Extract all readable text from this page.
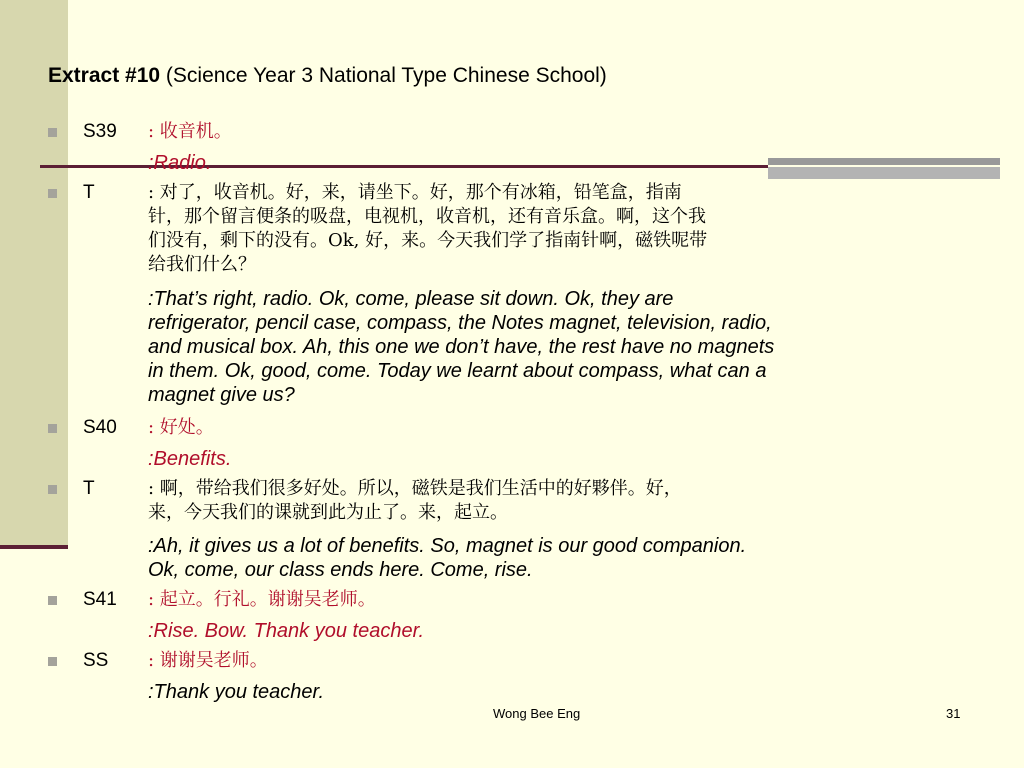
Extract #10 (Science Year 3 National Type Chinese School)
S39 : 收音机。
:Radio.
T	: 对了，收音机。好，来，请坐下。好，那个有冰箱，铅笔盒，指南
针，那个留言便条的吸盘，电视机，收音机，还有音乐盒。啊，这个我
们没有，剩下的没有。Ok, 好，来。今天我们学了指南针啊，磁铁呢带
给我们什么？
:That’s right, radio. Ok, come, please sit down. Ok, they are
refrigerator, pencil case, compass, the Notes magnet, television, radio,
and musical box. Ah, this one we don’t have, the rest have no magnets
in them. Ok, good, come. Today we learnt about compass, what can a
magnet give us?
S40 : 好处。
:Benefits.
T	: 啊，带给我们很多好处。所以，磁铁是我们生活中的好夥伴。好，
来，今天我们的课就到此为止了。来，起立。
:Ah, it gives us a lot of benefits. So, magnet is our good companion.
Ok, come, our class ends here. Come, rise.
S41 : 起立。行礼。谢谢吴老师。
:Rise. Bow. Thank you teacher.
SS : 谢谢吴老师。
:Thank you teacher.
Wong Bee Eng	31
